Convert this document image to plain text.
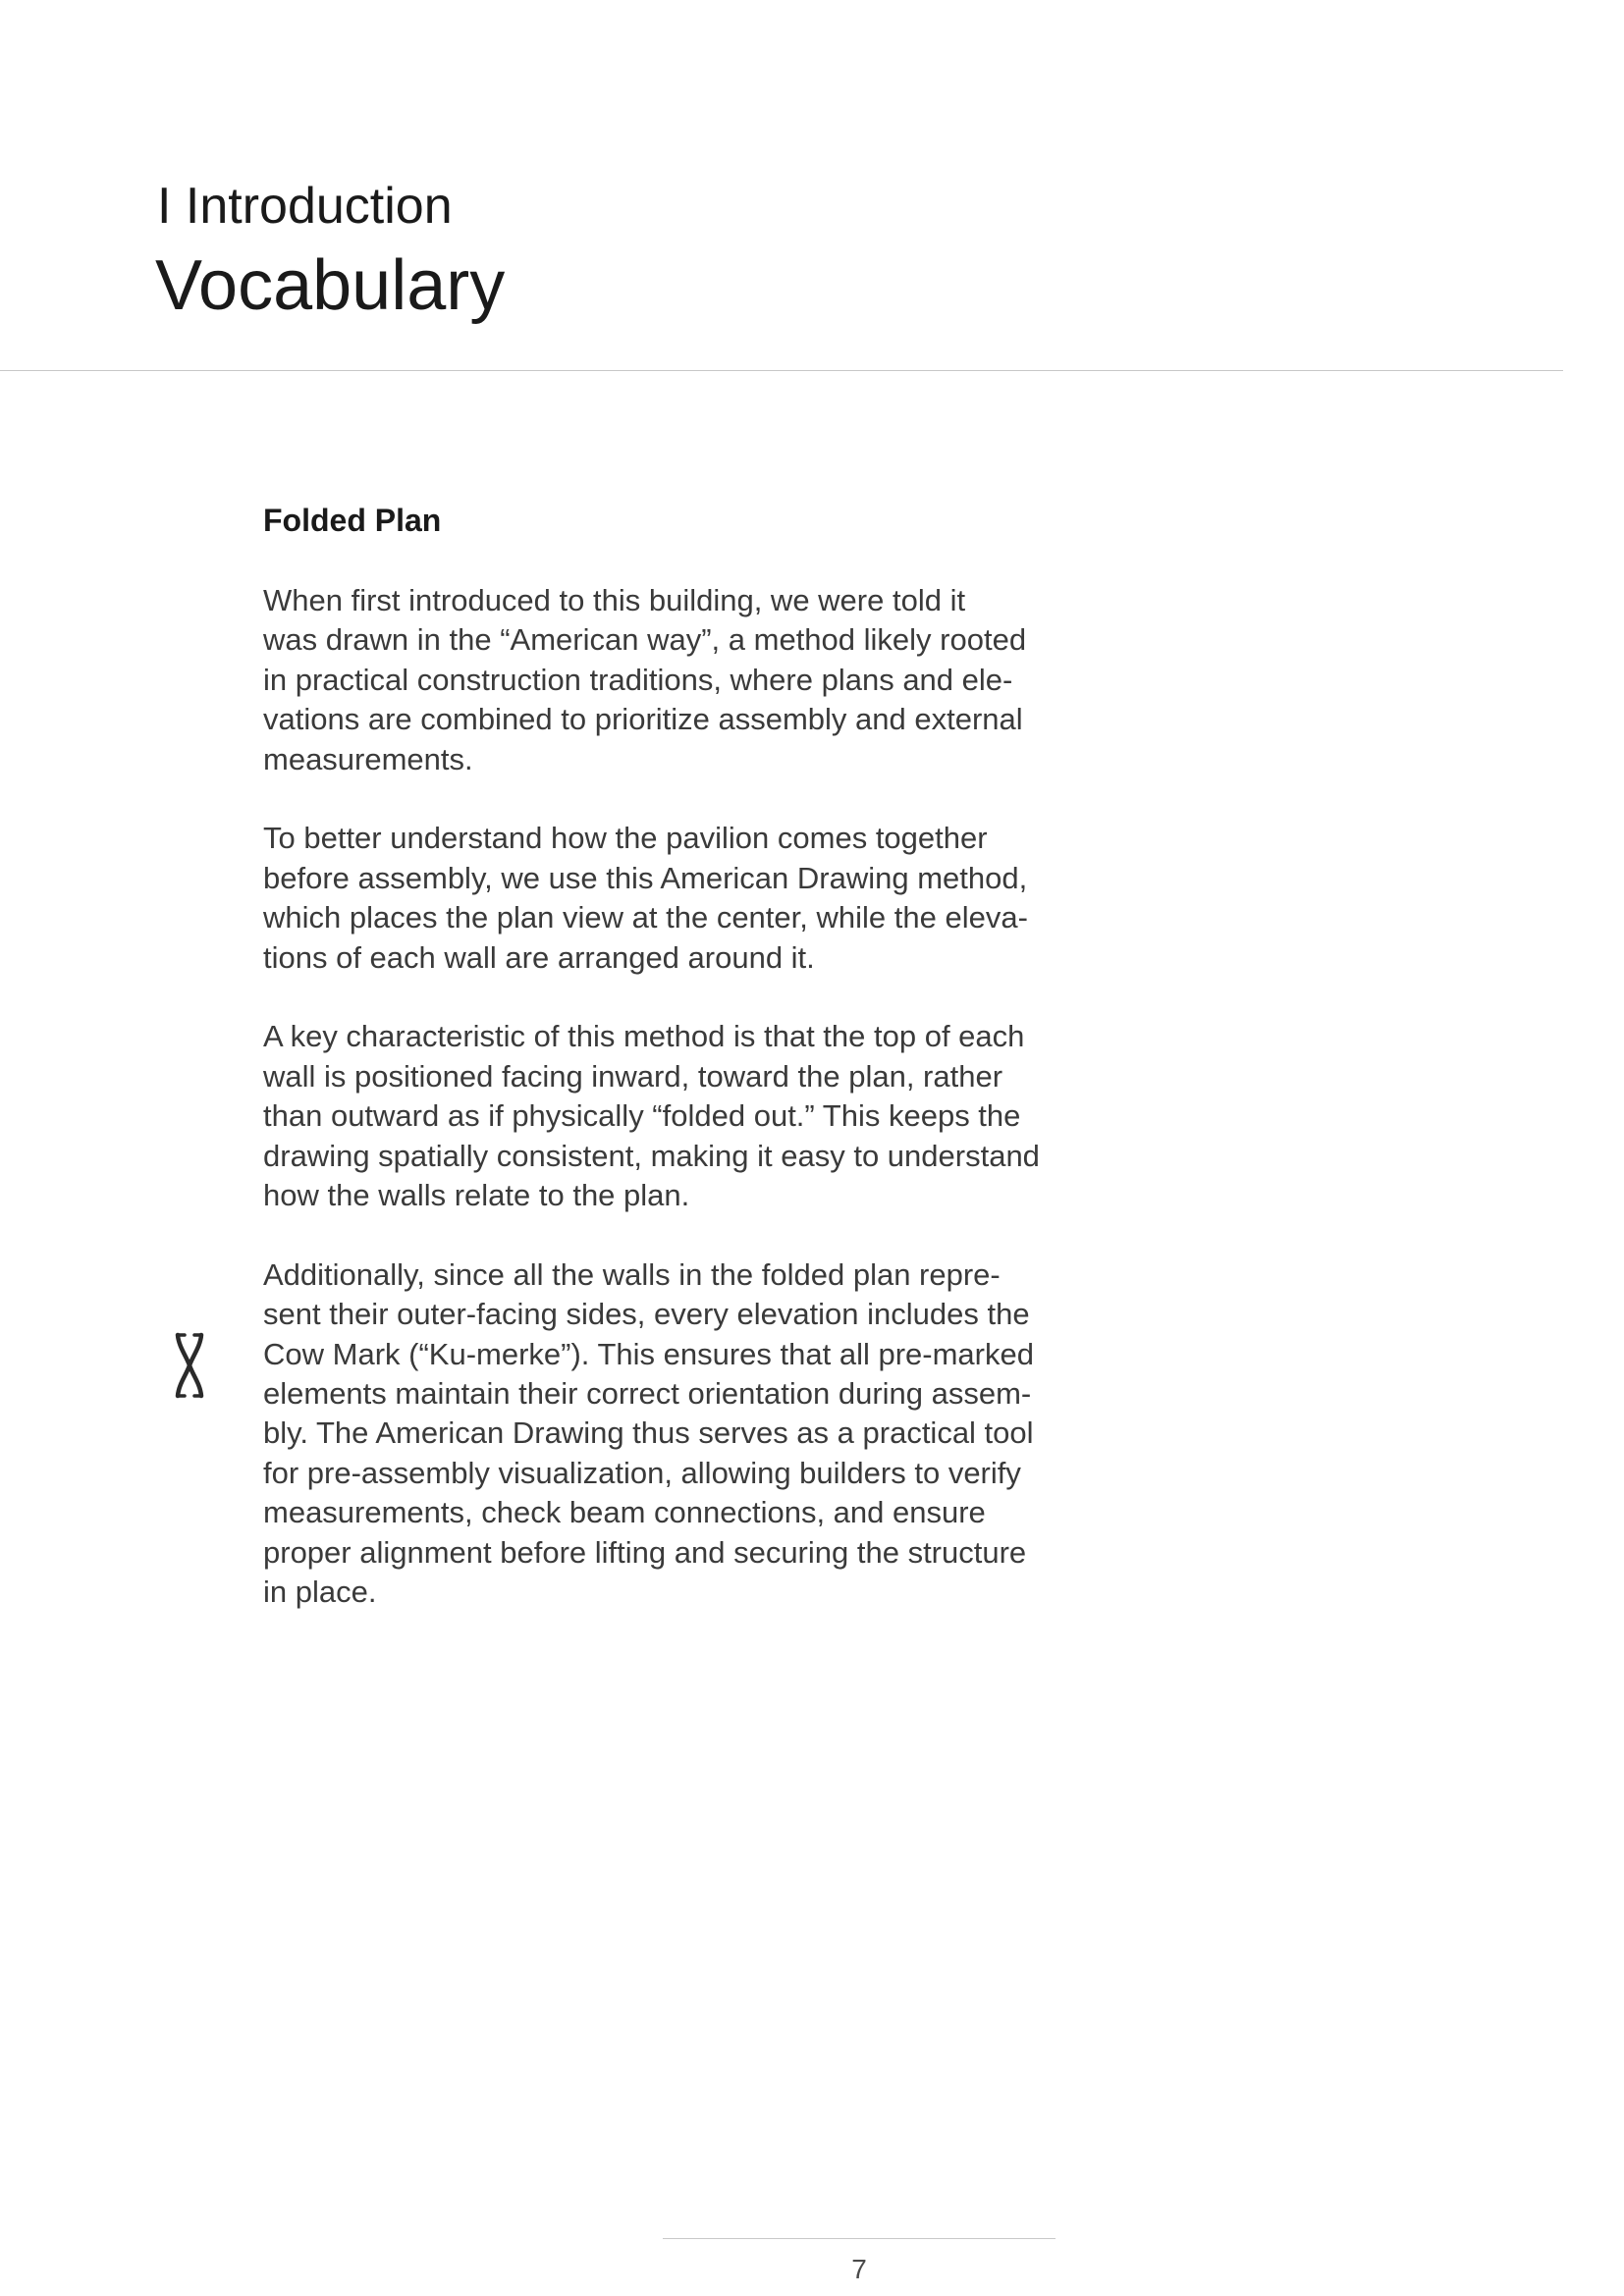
I Introduction
Vocabulary
Folded Plan

When first introduced to this building, we were told it
was drawn in the “American way”, a method likely rooted
in practical construction traditions, where plans and ele-
vations are combined to prioritize assembly and external
measurements.

To better understand how the pavilion comes together
before assembly, we use this American Drawing method,
which places the plan view at the center, while the eleva-
tions of each wall are arranged around it.

A key characteristic of this method is that the top of each
wall is positioned facing inward, toward the plan, rather
than outward as if physically “folded out.” This keeps the
drawing spatially consistent, making it easy to understand
how the walls relate to the plan.

Additionally, since all the walls in the folded plan repre-
sent their outer-facing sides, every elevation includes the
Cow Mark (“Ku-merke”). This ensures that all pre-marked
elements maintain their correct orientation during assem-
bly. The American Drawing thus serves as a practical tool
for pre-assembly visualization, allowing builders to verify
measurements, check beam connections, and ensure
proper alignment before lifting and securing the structure
in place.

7
